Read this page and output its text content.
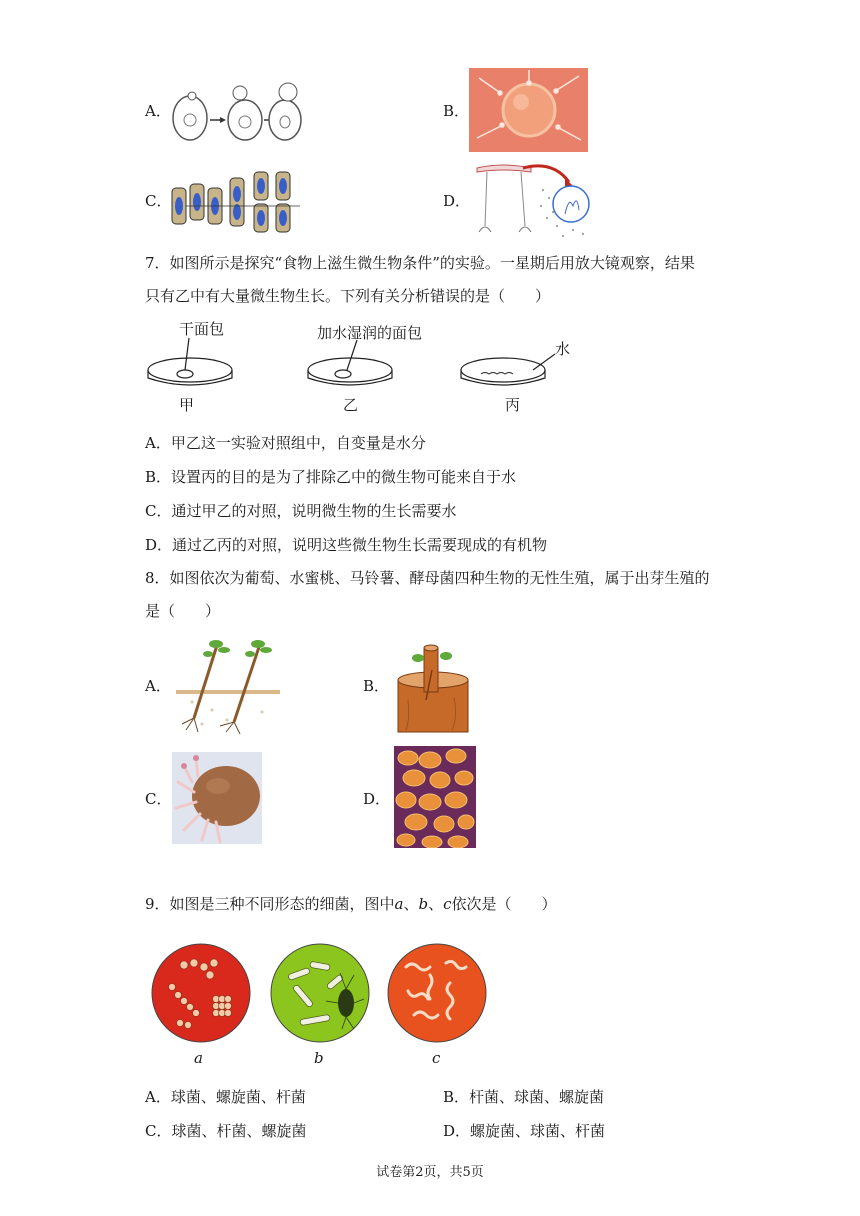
A．	B．
C．	D．
7．如图所示是探究“食物上滋生微生物条件”的实验。一星期后用放大镜观察，结果
只有乙中有大量微生物生长。下列有关分析错误的是（　　）
干面包	加水湿润的面包
水
甲	乙	丙
A．甲乙这一实验对照组中，自变量是水分
B．设置丙的目的是为了排除乙中的微生物可能来自于水
C．通过甲乙的对照，说明微生物的生长需要水
D．通过乙丙的对照，说明这些微生物生长需要现成的有机物
8．如图依次为葡萄、水蜜桃、马铃薯、酵母菌四种生物的无性生殖，属于出芽生殖的
是（　　）
A．	B．
C．	D．
9．如图是三种不同形态的细菌，图中a、b、c依次是（　　）
a	b	c
A．球菌、螺旋菌、杆菌	B．杆菌、球菌、螺旋菌
C．球菌、杆菌、螺旋菌	D．螺旋菌、球菌、杆菌
试卷第2页，共5页
